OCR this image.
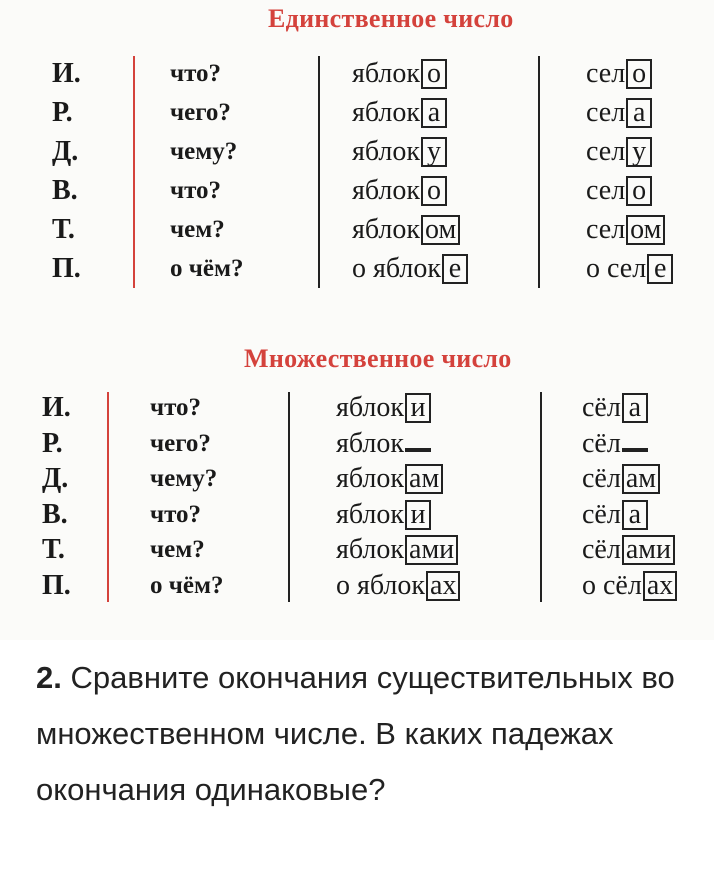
Единственное число
И.	что?	яблок о	сел о
Р.	чего?	яблок а	сел а
Д.	чему?	яблок у	сел у
В.	что?	яблок о	сел о
Т.	чем?	яблок ом	сел ом
П.	о чём?	о яблок е	о сел е
Множественное число
И.	что?	яблок и	сёл а
Р.	чего?	яблок	сёл
Д.	чему?	яблок ам	сёл ам
В.	что?	яблок и	сёл а
Т.	чем?	яблок ами	сёл ами
П.	о чём?	о яблок ах	о сёл ах
2. Сравните окончания существительных во множественном числе. В каких падежах окончания одинаковые?
